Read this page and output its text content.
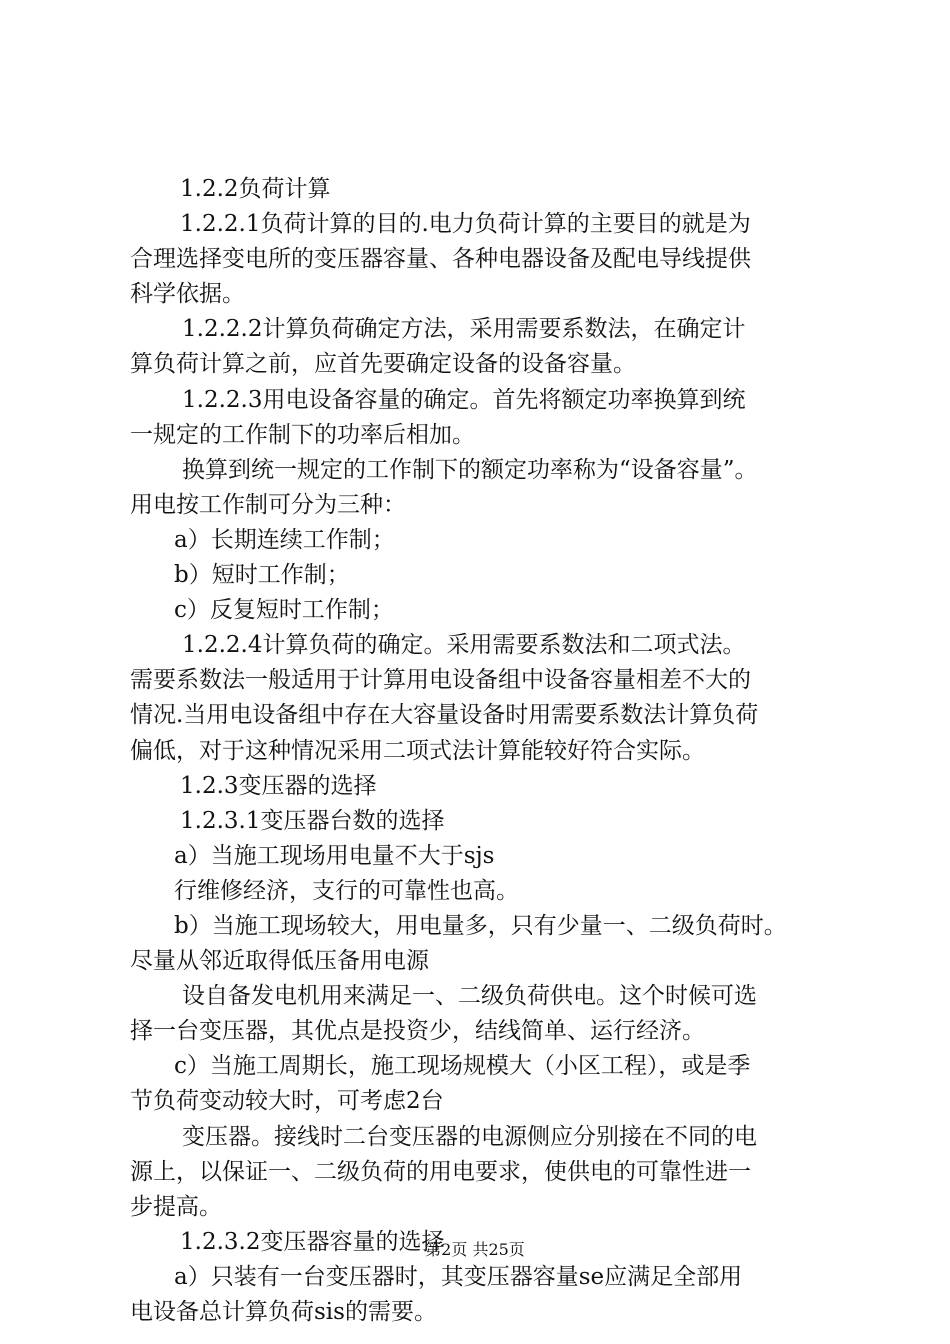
1.2.2负荷计算
1.2.2.1负荷计算的目的.电力负荷计算的主要目的就是为
合理选择变电所的变压器容量、各种电器设备及配电导线提供
科学依据。
1.2.2.2计算负荷确定方法，采用需要系数法，在确定计
算负荷计算之前，应首先要确定设备的设备容量。
1.2.2.3用电设备容量的确定。首先将额定功率换算到统
一规定的工作制下的功率后相加。
换算到统一规定的工作制下的额定功率称为“设备容量”。
用电按工作制可分为三种：
a）长期连续工作制；
b）短时工作制；
c）反复短时工作制；
1.2.2.4计算负荷的确定。采用需要系数法和二项式法。
需要系数法一般适用于计算用电设备组中设备容量相差不大的
情况.当用电设备组中存在大容量设备时用需要系数法计算负荷
偏低，对于这种情况采用二项式法计算能较好符合实际。
1.2.3变压器的选择
1.2.3.1变压器台数的选择
a）当施工现场用电量不大于sjs
行维修经济，支行的可靠性也高。
b）当施工现场较大，用电量多，只有少量一、二级负荷时。
尽量从邻近取得低压备用电源
设自备发电机用来满足一、二级负荷供电。这个时候可选
择一台变压器，其优点是投资少，结线简单、运行经济。
c）当施工周期长，施工现场规模大（小区工程），或是季
节负荷变动较大时，可考虑2台
变压器。接线时二台变压器的电源侧应分别接在不同的电
源上，以保证一、二级负荷的用电要求，使供电的可靠性进一
步提高。
1.2.3.2变压器容量的选择
a）只装有一台变压器时，其变压器容量se应满足全部用
电设备总计算负荷sis的需要。
第2页 共25页
